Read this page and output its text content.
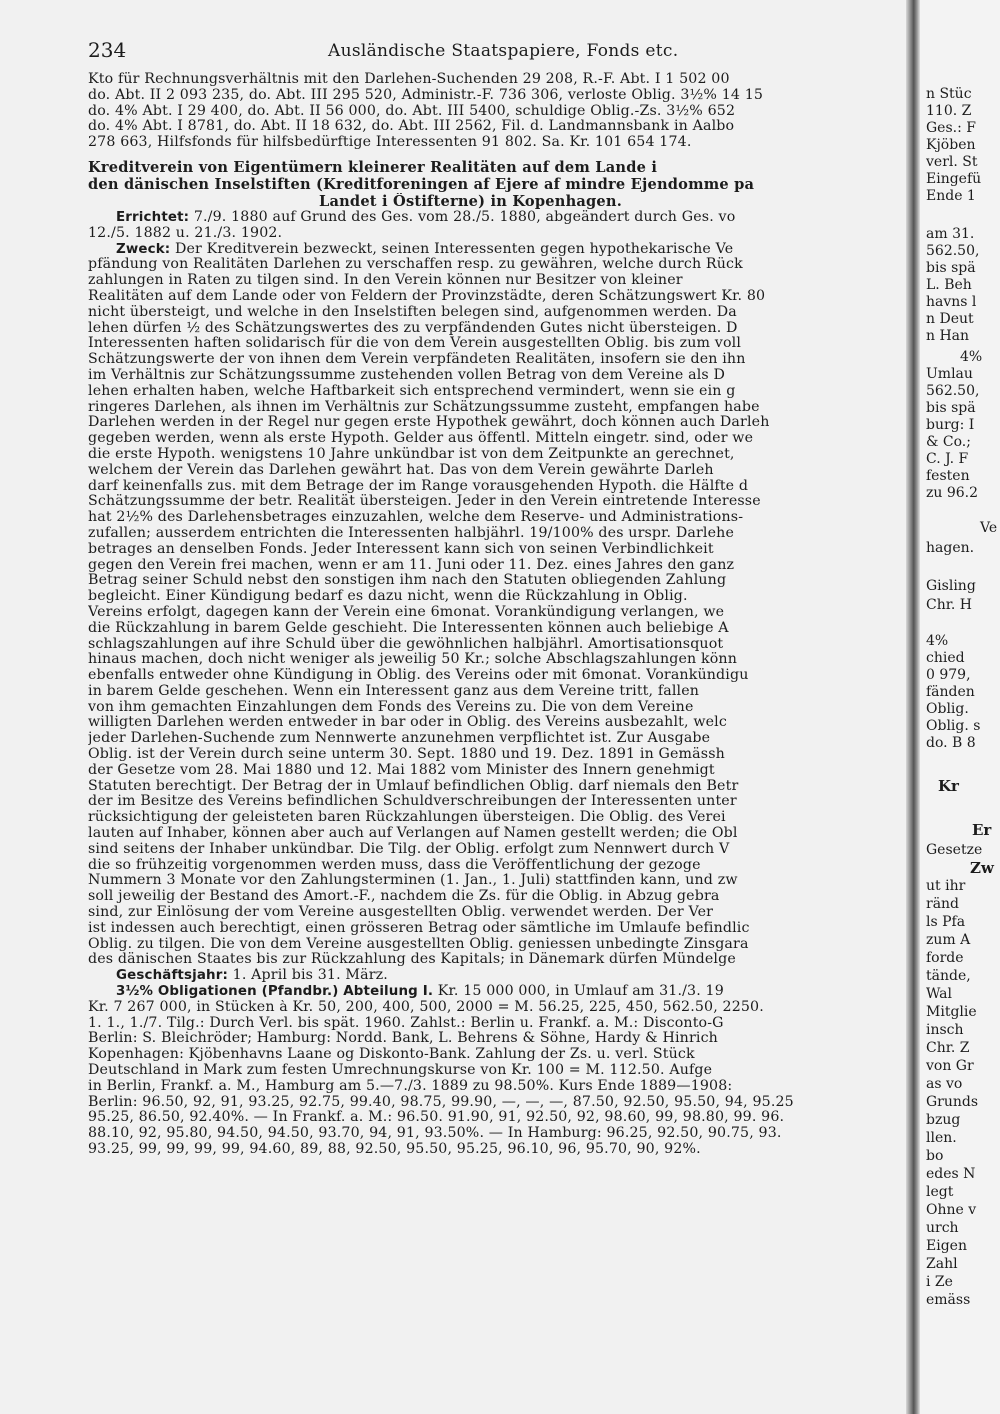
234	Ausländische Staatspapiere, Fonds etc.
Kto für Rechnungsverhältnis mit den Darlehen-Suchenden 29 208, R.-F. Abt. I 1 502 00
do. Abt. II 2 093 235, do. Abt. III 295 520, Administr.-F. 736 306, verloste Oblig. 3½% 14 15
do. 4% Abt. I 29 400, do. Abt. II 56 000, do. Abt. III 5400, schuldige Oblig.-Zs. 3½% 652
do. 4% Abt. I 8781, do. Abt. II 18 632, do. Abt. III 2562, Fil. d. Landmannsbank in Aalbo
278 663, Hilfsfonds für hilfsbedürftige Interessenten 91 802. Sa. Kr. 101 654 174.
Kreditverein von Eigentümern kleinerer Realitäten auf dem Lande i
den dänischen Inselstiften (Kreditforeningen af Ejere af mindre Ejendomme pa
Landet i Östifterne) in Kopenhagen.
Errichtet: 7./9. 1880 auf Grund des Ges. vom 28./5. 1880, abgeändert durch Ges. vo
12./5. 1882 u. 21./3. 1902.
Zweck: Der Kreditverein bezweckt, seinen Interessenten gegen hypothekarische Ve
pfändung von Realitäten Darlehen zu verschaffen resp. zu gewähren, welche durch Rück
zahlungen in Raten zu tilgen sind. In den Verein können nur Besitzer von kleiner
Realitäten auf dem Lande oder von Feldern der Provinzstädte, deren Schätzungswert Kr. 80
nicht übersteigt, und welche in den Inselstiften belegen sind, aufgenommen werden. Da
lehen dürfen ½ des Schätzungswertes des zu verpfändenden Gutes nicht übersteigen. D
Interessenten haften solidarisch für die von dem Verein ausgestellten Oblig. bis zum voll
Schätzungswerte der von ihnen dem Verein verpfändeten Realitäten, insofern sie den ihn
im Verhältnis zur Schätzungssumme zustehenden vollen Betrag von dem Vereine als D
lehen erhalten haben, welche Haftbarkeit sich entsprechend vermindert, wenn sie ein g
ringeres Darlehen, als ihnen im Verhältnis zur Schätzungssumme zusteht, empfangen habe
Darlehen werden in der Regel nur gegen erste Hypothek gewährt, doch können auch Darleh
gegeben werden, wenn als erste Hypoth. Gelder aus öffentl. Mitteln eingetr. sind, oder we
die erste Hypoth. wenigstens 10 Jahre unkündbar ist von dem Zeitpunkte an gerechnet,
welchem der Verein das Darlehen gewährt hat. Das von dem Verein gewährte Darleh
darf keinenfalls zus. mit dem Betrage der im Range vorausgehenden Hypoth. die Hälfte d
Schätzungssumme der betr. Realität übersteigen. Jeder in den Verein eintretende Interesse
hat 2½% des Darlehensbetrages einzuzahlen, welche dem Reserve- und Administrations-
zufallen; ausserdem entrichten die Interessenten halbjährl. 19/100% des urspr. Darlehe
betrages an denselben Fonds. Jeder Interessent kann sich von seinen Verbindlichkeit
gegen den Verein frei machen, wenn er am 11. Juni oder 11. Dez. eines Jahres den ganz
Betrag seiner Schuld nebst den sonstigen ihm nach den Statuten obliegenden Zahlung
begleicht. Einer Kündigung bedarf es dazu nicht, wenn die Rückzahlung in Oblig.
Vereins erfolgt, dagegen kann der Verein eine 6monat. Vorankündigung verlangen, we
die Rückzahlung in barem Gelde geschieht. Die Interessenten können auch beliebige A
schlagszahlungen auf ihre Schuld über die gewöhnlichen halbjährl. Amortisationsquot
hinaus machen, doch nicht weniger als jeweilig 50 Kr.; solche Abschlagszahlungen könn
ebenfalls entweder ohne Kündigung in Oblig. des Vereins oder mit 6monat. Vorankündigu
in barem Gelde geschehen. Wenn ein Interessent ganz aus dem Vereine tritt, fallen
von ihm gemachten Einzahlungen dem Fonds des Vereins zu. Die von dem Vereine
willigten Darlehen werden entweder in bar oder in Oblig. des Vereins ausbezahlt, welc
jeder Darlehen-Suchende zum Nennwerte anzunehmen verpflichtet ist. Zur Ausgabe
Oblig. ist der Verein durch seine unterm 30. Sept. 1880 und 19. Dez. 1891 in Gemässh
der Gesetze vom 28. Mai 1880 und 12. Mai 1882 vom Minister des Innern genehmigt
Statuten berechtigt. Der Betrag der in Umlauf befindlichen Oblig. darf niemals den Betr
der im Besitze des Vereins befindlichen Schuldverschreibungen der Interessenten unter
rücksichtigung der geleisteten baren Rückzahlungen übersteigen. Die Oblig. des Verei
lauten auf Inhaber, können aber auch auf Verlangen auf Namen gestellt werden; die Obl
sind seitens der Inhaber unkündbar. Die Tilg. der Oblig. erfolgt zum Nennwert durch V
die so frühzeitig vorgenommen werden muss, dass die Veröffentlichung der gezoge
Nummern 3 Monate vor den Zahlungsterminen (1. Jan., 1. Juli) stattfinden kann, und zw
soll jeweilig der Bestand des Amort.-F., nachdem die Zs. für die Oblig. in Abzug gebra
sind, zur Einlösung der vom Vereine ausgestellten Oblig. verwendet werden. Der Ver
ist indessen auch berechtigt, einen grösseren Betrag oder sämtliche im Umlaufe befindlic
Oblig. zu tilgen. Die von dem Vereine ausgestellten Oblig. geniessen unbedingte Zinsgara
des dänischen Staates bis zur Rückzahlung des Kapitals; in Dänemark dürfen Mündelge
Geschäftsjahr: 1. April bis 31. März.
3½% Obligationen (Pfandbr.) Abteilung I. Kr. 15 000 000, in Umlauf am 31./3. 19
Kr. 7 267 000, in Stücken à Kr. 50, 200, 400, 500, 2000 = M. 56.25, 225, 450, 562.50, 2250.
1. 1., 1./7. Tilg.: Durch Verl. bis spät. 1960. Zahlst.: Berlin u. Frankf. a. M.: Disconto-G
Berlin: S. Bleichröder; Hamburg: Nordd. Bank, L. Behrens & Söhne, Hardy & Hinrich
Kopenhagen: Kjöbenhavns Laane og Diskonto-Bank. Zahlung der Zs. u. verl. Stück
Deutschland in Mark zum festen Umrechnungskurse von Kr. 100 = M. 112.50. Aufge
in Berlin, Frankf. a. M., Hamburg am 5.—7./3. 1889 zu 98.50%. Kurs Ende 1889—1908:
Berlin: 96.50, 92, 91, 93.25, 92.75, 99.40, 98.75, 99.90, —, —, —, 87.50, 92.50, 95.50, 94, 95.25
95.25, 86.50, 92.40%. — In Frankf. a. M.: 96.50. 91.90, 91, 92.50, 92, 98.60, 99, 98.80, 99. 96.
88.10, 92, 95.80, 94.50, 94.50, 93.70, 94, 91, 93.50%. — In Hamburg: 96.25, 92.50, 90.75, 93.
93.25, 99, 99, 99, 99, 94.60, 89, 88, 92.50, 95.50, 95.25, 96.10, 96, 95.70, 90, 92%.
n Stüc
110. Z
Ges.: F
Kjöben
verl. St
Eingefü
Ende 1
am 31.
562.50,
bis spä
L. Beh
havns l
n Deut
n Han
4%
Umlau
562.50,
bis spä
burg: I
& Co.;
C. J. F
festen
zu 96.2
Ve
hagen.
Gisling
Chr. H
4%
chied
0 979,
fänden
Oblig.
Oblig. s
do. B 8
Kr
Er
Gesetze
Zw
ut ihr
ränd
ls Pfa
zum A
forde
tände,
Wal
Mitglie
insch
Chr. Z
von Gr
as vo
Grunds
bzug
llen.
bo
edes N
legt
Ohne v
urch
Eigen
Zahl
i Ze
emäss
